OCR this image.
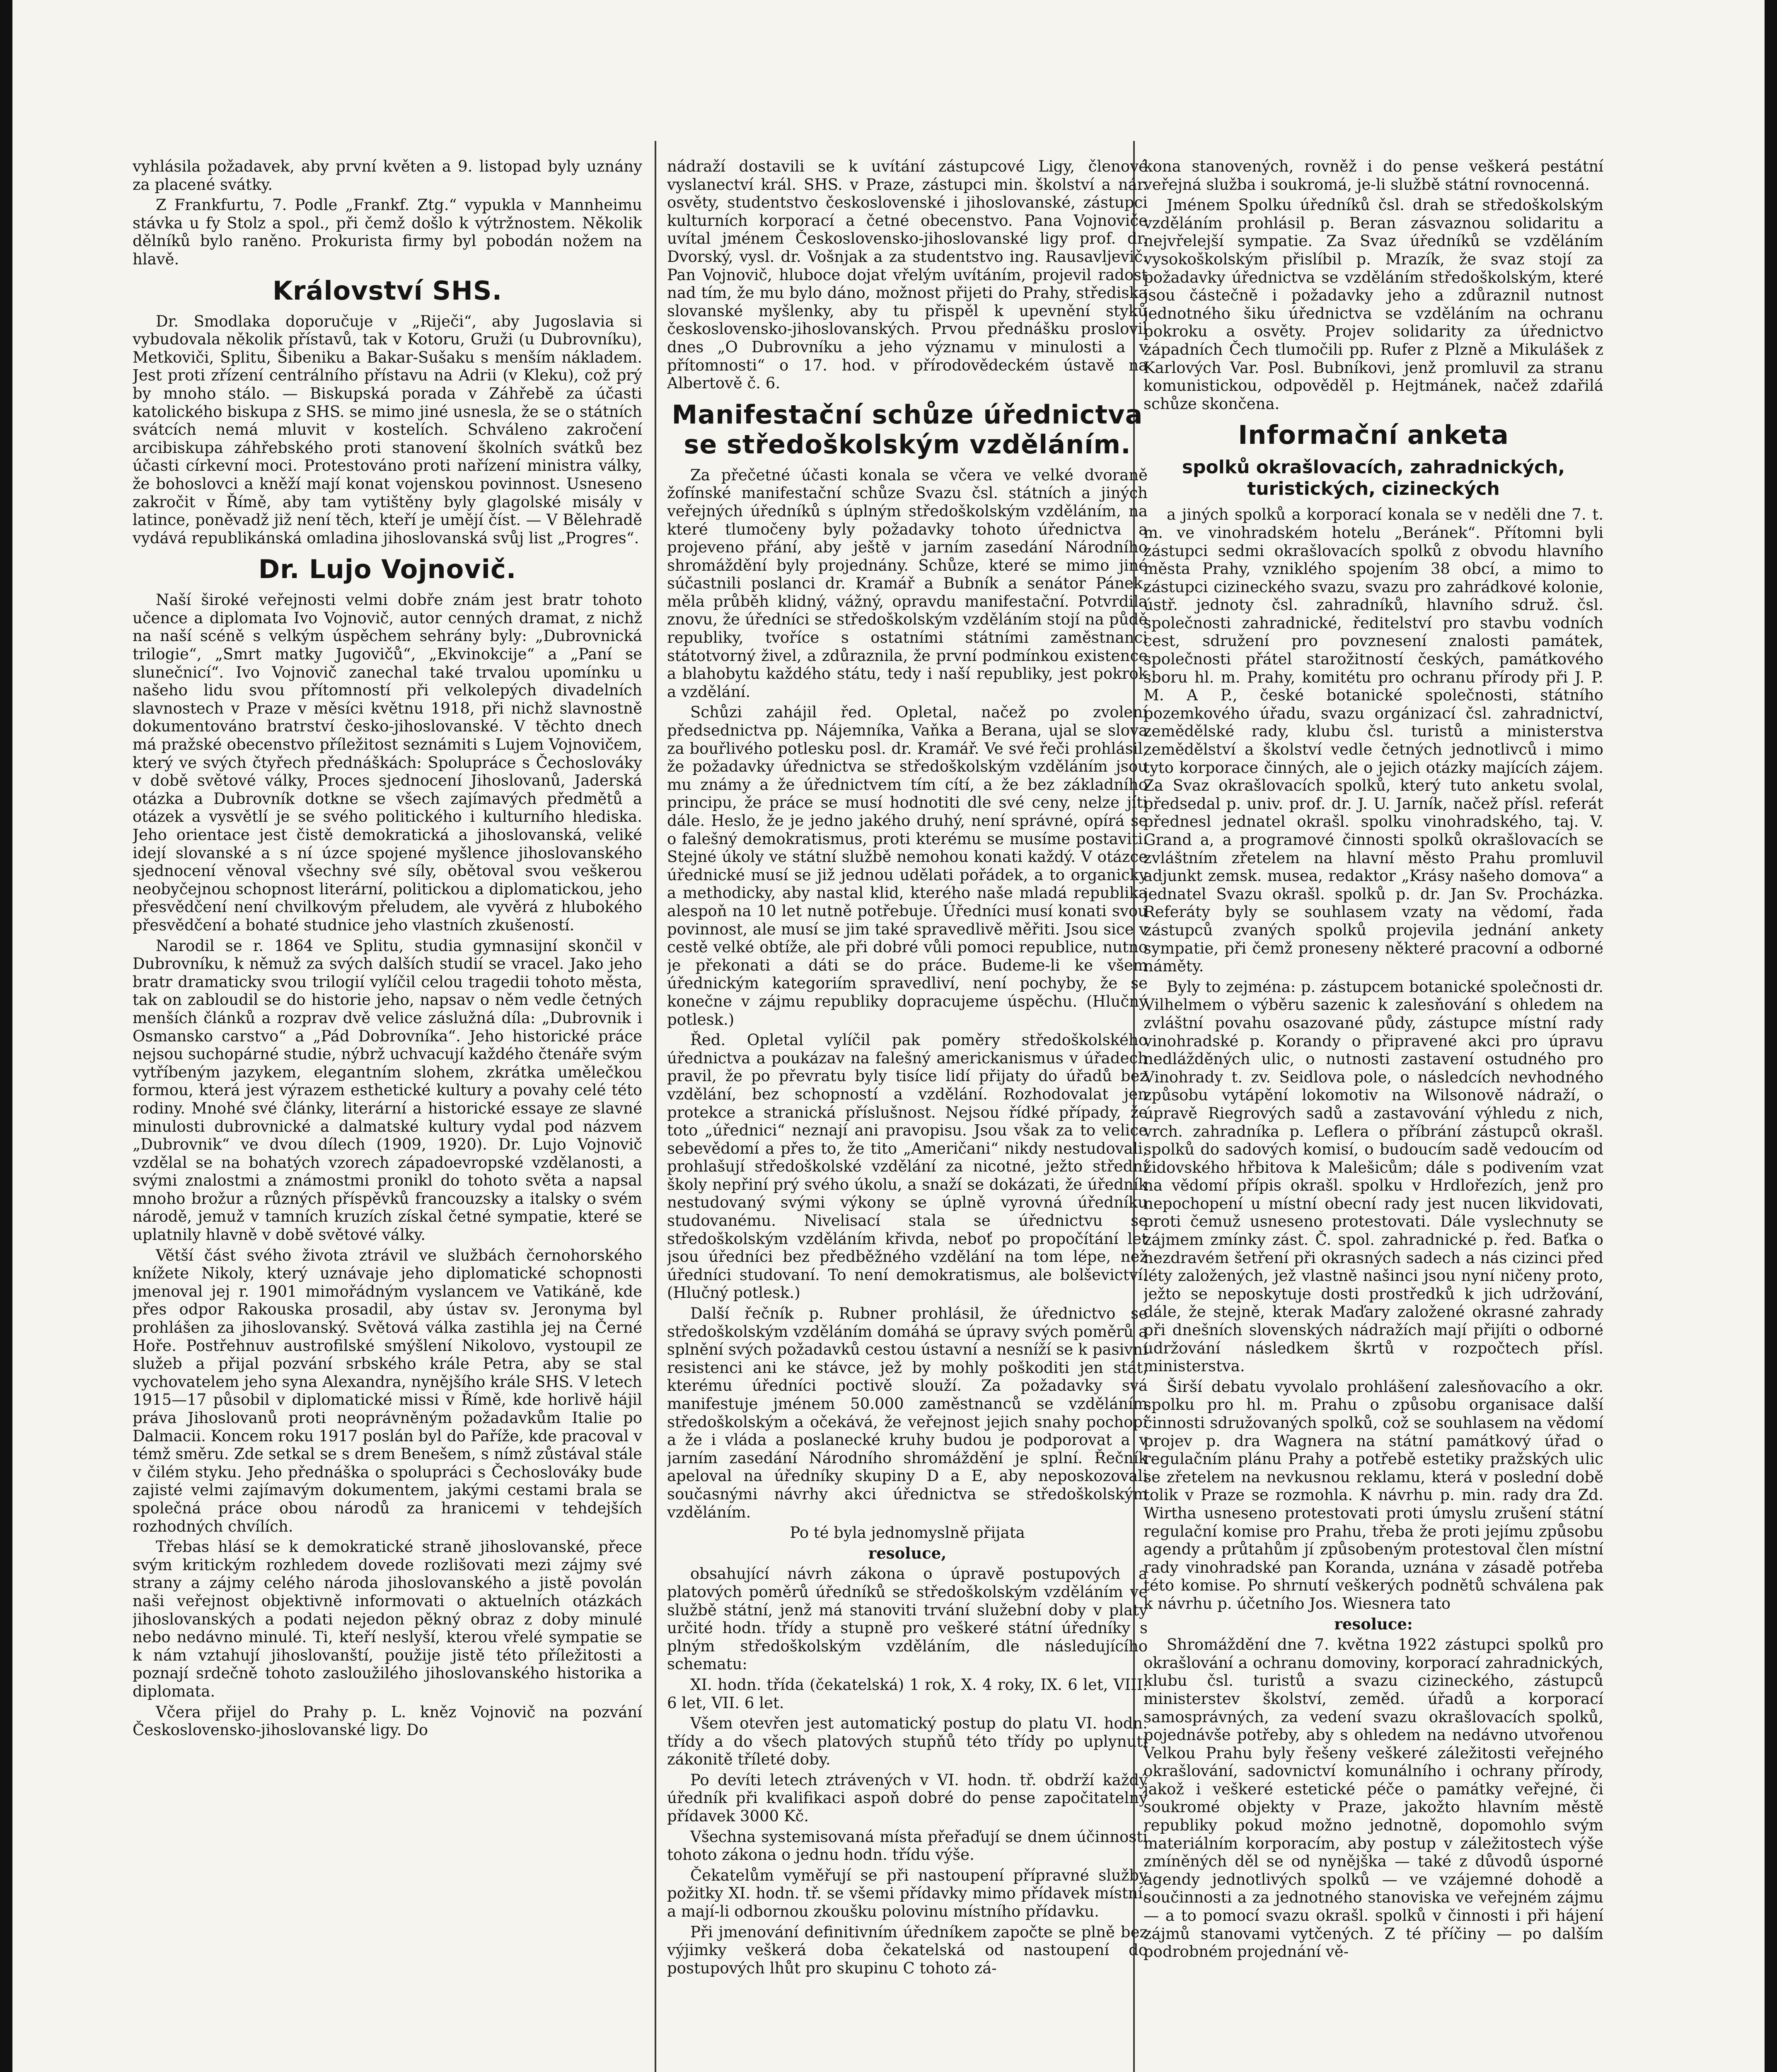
vyhlásila požadavek, aby první květen a 9. listopad byly uznány za placené svátky.

Z Frankfurtu, 7. Podle „Frankf. Ztg.“ vypukla v Mannheimu stávka u fy Stolz a spol., při čemž došlo k výtržnostem. Několik dělníků bylo raněno. Prokurista firmy byl pobodán nožem na hlavě.

Království SHS.

Dr. Smodlaka doporučuje v „Riječi“, aby Jugoslavia si vybudovala několik přístavů, tak v Kotoru, Gruži (u Dubrovníku), Metkoviči, Splitu, Šibeniku a Bakar-Sušaku s menším nákladem. Jest proti zřízení centrálního přístavu na Adrii (v Kleku), což prý by mnoho stálo. — Biskupská porada v Záhřebě za účasti katolického biskupa z SHS. se mimo jiné usnesla, že se o státních svátcích nemá mluvit v kostelích. Schváleno zakročení arcibiskupa záhřebského proti stanovení školních svátků bez účasti církevní moci. Protestováno proti nařízení ministra války, že bohoslovci a kněží mají konat vojenskou povinnost. Usneseno zakročit v Římě, aby tam vytištěny byly glagolské misály v latince, poněvadž již není těch, kteří je umějí číst. — V Bělehradě vydává republikánská omladina jihoslovanská svůj list „Progres“.

Dr. Lujo Vojnovič.

Naší široké veřejnosti velmi dobře znám jest bratr tohoto učence a diplomata Ivo Vojnovič, autor cenných dramat, z nichž na naší scéně s velkým úspěchem sehrány byly: „Dubrovnická trilogie“, „Smrt matky Jugovičů“, „Ekvinokcije“ a „Paní se slunečnicí“. Ivo Vojnovič zanechal také trvalou upomínku u našeho lidu svou přítomností při velkolepých divadelních slavnostech v Praze v měsíci květnu 1918, při nichž slavnostně dokumentováno bratrství česko-jihoslovanské. V těchto dnech má pražské obecenstvo příležitost seznámiti s Lujem Vojnovičem, který ve svých čtyřech přednáškách: Spolupráce s Čechoslováky v době světové války, Proces sjednocení Jihoslovanů, Jaderská otázka a Dubrovník dotkne se všech zajímavých předmětů a otázek a vysvětlí je se svého politického i kulturního hlediska. Jeho orientace jest čistě demokratická a jihoslovanská, veliké idejí slovanské a s ní úzce spojené myšlence jihoslovanského sjednocení věnoval všechny své síly, obětoval svou veškerou neobyčejnou schopnost literární, politickou a diplomatickou, jeho přesvědčení není chvilkovým přeludem, ale vyvěrá z hlubokého přesvědčení a bohaté studnice jeho vlastních zkušeností.

Narodil se r. 1864 ve Splitu, studia gymnasijní skončil v Dubrovníku, k němuž za svých dalších studií se vracel. Jako jeho bratr dramaticky svou trilogií vylíčil celou tragedii tohoto města, tak on zabloudil se do historie jeho, napsav o něm vedle četných menších článků a rozprav dvě velice záslužná díla: „Dubrovnik i Osmansko carstvo“ a „Pád Dobrovníka“. Jeho historické práce nejsou suchopárné studie, nýbrž uchvacují každého čtenáře svým vytříbeným jazykem, elegantním slohem, zkrátka umělečkou formou, která jest výrazem esthetické kultury a povahy celé této rodiny. Mnohé své články, literární a historické essaye ze slavné minulosti dubrovnické a dalmatské kultury vydal pod názvem „Dubrovnik“ ve dvou dílech (1909, 1920). Dr. Lujo Vojnovič vzdělal se na bohatých vzorech západoevropské vzdělanosti, a svými znalostmi a známostmi pronikl do tohoto světa a napsal mnoho brožur a různých příspěvků francouzsky a italsky o svém národě, jemuž v tamních kruzích získal četné sympatie, které se uplatnily hlavně v době světové války.

Větší část svého života ztrávil ve službách černohorského knížete Nikoly, který uznávaje jeho diplomatické schopnosti jmenoval jej r. 1901 mimořádným vyslancem ve Vatikáně, kde přes odpor Rakouska prosadil, aby ústav sv. Jeronyma byl prohlášen za jihoslovanský. Světová válka zastihla jej na Černé Hoře. Postřehnuv austrofilské smýšlení Nikolovo, vystoupil ze služeb a přijal pozvání srbského krále Petra, aby se stal vychovatelem jeho syna Alexandra, nynějšího krále SHS. V letech 1915—17 působil v diplomatické missi v Římě, kde horlivě hájil práva Jihoslovanů proti neoprávněným požadavkům Italie po Dalmacii. Koncem roku 1917 poslán byl do Paříže, kde pracoval v témž směru. Zde setkal se s drem Benešem, s nímž zůstával stále v čilém styku. Jeho přednáška o spolupráci s Čechoslováky bude zajisté velmi zajímavým dokumentem, jakými cestami brala se společná práce obou národů za hranicemi v tehdejších rozhodných chvílích.

Třebas hlásí se k demokratické straně jihoslovanské, přece svým kritickým rozhledem dovede rozlišovati mezi zájmy své strany a zájmy celého národa jihoslovanského a jistě povolán naši veřejnost objektivně informovati o aktuelních otázkách jihoslovanských a podati nejedon pěkný obraz z doby minulé nebo nedávno minulé. Ti, kteří neslyší, kterou vřelé sympatie se k nám vztahují jihoslovanští, použije jistě této příležitosti a poznají srdečně tohoto zasloužilého jihoslovanského historika a diplomata.

Včera přijel do Prahy p. L. kněz Vojnovič na pozvání Československo-jihoslovanské ligy. Do

nádraží dostavili se k uvítání zástupcové Ligy, členové vyslanectví král. SHS. v Praze, zástupci min. školství a nár. osvěty, studentstvo československé i jihoslovanské, zástupci kulturních korporací a četné obecenstvo. Pana Vojnoviče uvítal jménem Československo-jihoslovanské ligy prof. dr. Dvorský, vysl. dr. Vošnjak a za studentstvo ing. Rausavljevič. Pan Vojnovič, hluboce dojat vřelým uvítáním, projevil radost nad tím, že mu bylo dáno, možnost přijeti do Prahy, střediska slovanské myšlenky, aby tu přispěl k upevnění styků československo-jihoslovanských. Prvou přednášku proslovil dnes „O Dubrovníku a jeho významu v minulosti a v přítomnosti“ o 17. hod. v přírodovědeckém ústavě na Albertově č. 6.

Manifestační schůze úřednictva se středoškolským vzděláním.

Za přečetné účasti konala se včera ve velké dvoraně žofínské manifestační schůze Svazu čsl. státních a jiných veřejných úředníků s úplným středoškolským vzděláním, na které tlumočeny byly požadavky tohoto úřednictva a projeveno přání, aby ještě v jarním zasedání Národního shromáždění byly projednány. Schůze, které se mimo jiné súčastnili poslanci dr. Kramář a Bubník a senátor Pánek, měla průběh klidný, vážný, opravdu manifestační. Potvrdila znovu, že úředníci se středoškolským vzděláním stojí na půdě republiky, tvoříce s ostatními státními zaměstnanci státotvorný živel, a zdůraznila, že první podmínkou existence a blahobytu každého státu, tedy i naší republiky, jest pokrok a vzdělání.

Schůzi zahájil řed. Opletal, načež po zvolení předsednictva pp. Nájemníka, Vaňka a Berana, ujal se slova za bouřlivého potlesku posl. dr. Kramář. Ve své řeči prohlásil, že požadavky úřednictva se středoškolským vzděláním jsou mu známy a že úřednictvem tím cítí, a že bez základního principu, že práce se musí hodnotiti dle své ceny, nelze jíti dále. Heslo, že je jedno jakého druhý, není správné, opírá se o falešný demokratismus, proti kterému se musíme postaviti. Stejné úkoly ve státní službě nemohou konati každý. V otázce úřednické musí se již jednou udělati pořádek, a to organicky a methodicky, aby nastal klid, kterého naše mladá republika alespoň na 10 let nutně potřebuje. Úředníci musí konati svou povinnost, ale musí se jim také spravedlivě měřiti. Jsou sice v cestě velké obtíže, ale při dobré vůli pomoci republice, nutno je překonati a dáti se do práce. Budeme-li ke všem úřednickým kategoriím spravedliví, není pochyby, že se konečne v zájmu republiky dopracujeme úspěchu. (Hlučný potlesk.)

Řed. Opletal vylíčil pak poměry středoškolského úřednictva a poukázav na falešný americkanismus v úřadech pravil, že po převratu byly tisíce lidí přijaty do úřadů bez vzdělání, bez schopností a vzdělání. Rozhodovalat jen protekce a stranická příslušnost. Nejsou řídké případy, že toto „úřednici“ neznají ani pravopisu. Jsou však za to velice sebevědomí a přes to, že tito „Američani“ nikdy nestudovali, prohlašují středoškolské vzdělání za nicotné, ježto střední školy nepřiní prý svého úkolu, a snaží se dokázati, že úředník nestudovaný svými výkony se úplně vyrovná úředníku studovanému. Nivelisací stala se úřednictvu se středoškolským vzděláním křivda, neboť po propočítání let jsou úředníci bez předběžného vzdělání na tom lépe, než úředníci studovaní. To není demokratismus, ale bolševictví. (Hlučný potlesk.)

Další řečník p. Rubner prohlásil, že úřednictvo se středoškolským vzděláním domáhá se úpravy svých poměrů a splnění svých požadavků cestou ústavní a nesníží se k pasivní resistenci ani ke stávce, jež by mohly poškoditi jen stát, kterému úředníci poctivě slouží. Za požadavky svá manifestuje jménem 50.000 zaměstnanců se vzděláním středoškolským a očekává, že veřejnost jejich snahy pochopí a že i vláda a poslanecké kruhy budou je podporovat a v jarním zasedání Národního shromáždění je splní. Řečník apeloval na úředníky skupiny D a E, aby neposkozovali současnými návrhy akci úřednictva se středoškolským vzděláním.

Po té byla jednomyslně přijata

resoluce,

obsahující návrh zákona o úpravě postupových a platových poměrů úředníků se středoškolským vzděláním ve službě státní, jenž má stanoviti trvání služební doby v platy určité hodn. třídy a stupně pro veškeré státní úředníky s plným středoškolským vzděláním, dle následujícího schematu:

XI. hodn. třída (čekatelská) 1 rok, X. 4 roky, IX. 6 let, VIII. 6 let, VII. 6 let.

Všem otevřen jest automatický postup do platu VI. hodn. třídy a do všech platových stupňů této třídy po uplynutí zákonitě tříleté doby.

Po devíti letech ztrávených v VI. hodn. tř. obdrží každý úředník při kvalifikaci aspoň dobré do pense započitatelný přídavek 3000 Kč.

Všechna systemisovaná místa přeřaďují se dnem účinnosti tohoto zákona o jednu hodn. třídu výše.

Čekatelům vyměřují se při nastoupení přípravné služby požitky XI. hodn. tř. se všemi přídavky mimo přídavek místní, a mají-li odbornou zkoušku polovinu místního přídavku.

Při jmenování definitivním úředníkem započte se plně bez výjimky veškerá doba čekatelská od nastoupení do postupových lhůt pro skupinu C tohoto zá-

kona stanovených, rovněž i do pense veškerá pestátní veřejná služba i soukromá, je-li službě státní rovnocenná.

Jménem Spolku úředníků čsl. drah se středoškolským vzděláním prohlásil p. Beran zásvaznou solidaritu a nejvřelejší sympatie. Za Svaz úředníků se vzděláním vysokoškolským přislíbil p. Mrazík, že svaz stojí za požadavky úřednictva se vzděláním středoškolským, které jsou částečně i požadavky jeho a zdůraznil nutnost jednotného šiku úřednictva se vzděláním na ochranu pokroku a osvěty. Projev solidarity za úřednictvo západních Čech tlumočili pp. Rufer z Plzně a Mikulášek z Karlových Var. Posl. Bubníkovi, jenž promluvil za stranu komunistickou, odpověděl p. Hejtmánek, načež zdařilá schůze skončena.

Informační anketa
spolků okrašlovacích, zahradnických, turistických, cizineckých

a jiných spolků a korporací konala se v neděli dne 7. t. m. ve vinohradském hotelu „Beránek“. Přítomni byli zástupci sedmi okrašlovacích spolků z obvodu hlavního města Prahy, vzniklého spojením 38 obcí, a mimo to zástupci cizineckého svazu, svazu pro zahrádkové kolonie, ústř. jednoty čsl. zahradníků, hlavního sdruž. čsl. společnosti zahradnické, ředitelství pro stavbu vodních cest, sdružení pro povznesení znalosti památek, společnosti přátel starožitností českých, památkového sboru hl. m. Prahy, komitétu pro ochranu přírody při J. P. M. A P., české botanické společnosti, státního pozemkového úřadu, svazu orgánizací čsl. zahradnictví, zemědělské rady, klubu čsl. turistů a ministerstva zemědělství a školství vedle četných jednotlivců i mimo tyto korporace činných, ale o jejich otázky majících zájem. Za Svaz okrašlovacích spolků, který tuto anketu svolal, předsedal p. univ. prof. dr. J. U. Jarník, načež přísl. referát přednesl jednatel okrašl. spolku vinohradského, taj. V. Grand a, a programové činnosti spolků okrašlovacích se zvláštním zřetelem na hlavní město Prahu promluvil adjunkt zemsk. musea, redaktor „Krásy našeho domova“ a jednatel Svazu okrašl. spolků p. dr. Jan Sv. Procházka. Referáty byly se souhlasem vzaty na vědomí, řada zástupců zvaných spolků projevila jednání ankety sympatie, při čemž proneseny některé pracovní a odborné náměty.

Byly to zejména: p. zástupcem botanické společnosti dr. Vilhelmem o výběru sazenic k zalesňování s ohledem na zvláštní povahu osazované půdy, zástupce místní rady vinohradské p. Korandy o připravené akci pro úpravu nedlážděných ulic, o nutnosti zastavení ostudného pro Vinohrady t. zv. Seidlova pole, o následcích nevhodného způsobu vytápění lokomotiv na Wilsonově nádraží, o úpravě Riegrových sadů a zastavování výhledu z nich, vrch. zahradníka p. Leflera o příbrání zástupců okrašl. spolků do sadových komisí, o budoucím sadě vedoucím od židovského hřbitova k Malešicům; dále s podivením vzat na vědomí přípis okrašl. spolku v Hrdlořezích, jenž pro nepochopení u místní obecní rady jest nucen likvidovati, proti čemuž usneseno protestovati. Dále vyslechnuty se zájmem zmínky zást. Č. spol. zahradnické p. řed. Baťka o nezdravém šetření při okrasných sadech a nás cizinci před léty založených, jež vlastně našinci jsou nyní ničeny proto, ježto se neposkytuje dosti prostředků k jich udržování, dále, že stejně, kterak Maďary založené okrasné zahrady při dnešních slovenských nádražích mají přijíti o odborné udržování následkem škrtů v rozpočtech přísl. ministerstva.

Širší debatu vyvolalo prohlášení zalesňovacího a okr. spolku pro hl. m. Prahu o způsobu organisace další činnosti sdružovaných spolků, což se souhlasem na vědomí projev p. dra Wagnera na státní památkový úřad o regulačním plánu Prahy a potřebě estetiky pražských ulic se zřetelem na nevkusnou reklamu, která v poslední době tolik v Praze se rozmohla. K návrhu p. min. rady dra Zd. Wirtha usneseno protestovati proti úmyslu zrušení státní regulační komise pro Prahu, třeba že proti jejímu způsobu agendy a průtahům jí způsobeným protestoval člen místní rady vinohradské pan Koranda, uznána v zásadě potřeba této komise. Po shrnutí veškerých podnětů schválena pak k návrhu p. účetního Jos. Wiesnera tato

resoluce:

Shromáždění dne 7. května 1922 zástupci spolků pro okrašlování a ochranu domoviny, korporací zahradnických, klubu čsl. turistů a svazu cizineckého, zástupců ministerstev školství, zeměd. úřadů a korporací samosprávných, za vedení svazu okrašlovacích spolků, pojednávše potřeby, aby s ohledem na nedávno utvořenou Velkou Prahu byly řešeny veškeré záležitosti veřejného okrašlování, sadovnictví komunálního i ochrany přírody, jakož i veškeré estetické péče o památky veřejné, či soukromé objekty v Praze, jakožto hlavním městě republiky pokud možno jednotně, dopomohlo svým materiálním korporacím, aby postup v záležitostech výše zmíněných děl se od nynějška — také z důvodů úsporné agendy jednotlivých spolků — ve vzájemné dohodě a součinnosti a za jednotného stanoviska ve veřejném zájmu — a to pomocí svazu okrašl. spolků v činnosti i při hájení zájmů stanovami vytčených. Z té příčiny — po dalším podrobném projednání vě-
